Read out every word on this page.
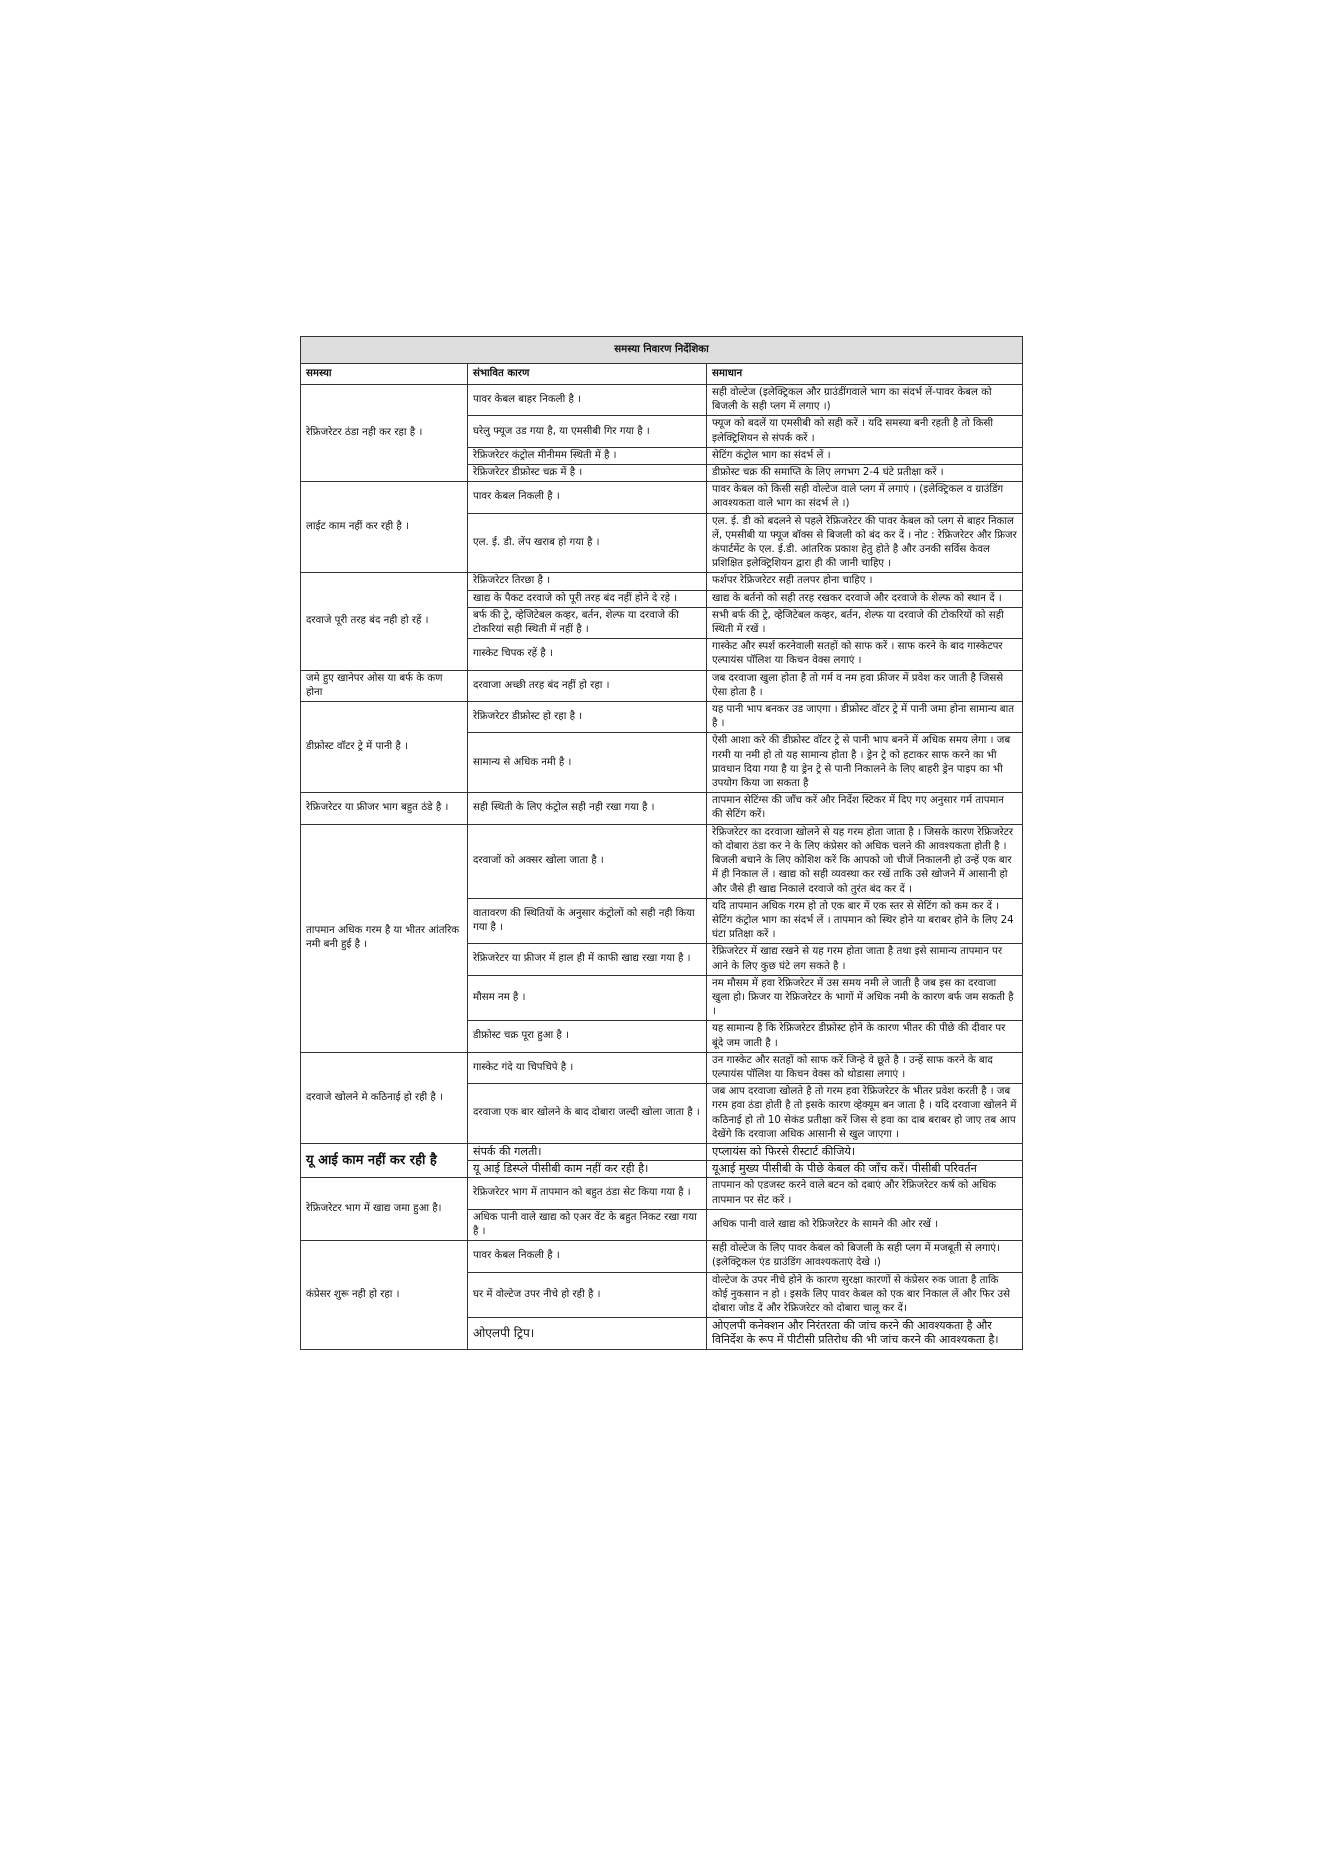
समस्या निवारण निर्देशिका		
समस्या	संभावित कारण	समाधान
रेफ्रिजरेटर ठंडा नही कर रहा है ।	पावर केबल बाहर निकली है ।	सही वोल्टेज (इलेक्ट्रिकल और ग्राउंडींगवाले भाग का संदर्भ लें-पावर केबल को बिजली के सही प्लग में लगाए ।)
	घरेलु फ्यूज उड गया है, या एमसीबी गिर गया है ।	फ्यूज को बदलें या एमसीबी को सही करें । यदि समस्या बनी रहती है तो किसी इलेक्ट्रिशियन से संपर्क करें ।
	रेफ्रिजरेटर कंट्रोल मीनीमम स्थिती में है ।	सेटिंग कंट्रोल भाग का संदर्भ लें ।
	रेफ्रिजरेटर डीफ्रोस्ट चक्र में है ।	डीफ्रोस्ट चक्र की समाप्ति के लिए लगभग 2-4 घंटे प्रतीक्षा करें ।
लाईट काम नहीं कर रही है ।	पावर केबल निकली है ।	पावर केबल को किसी सही वोल्टेज वाले प्लग में लगाएं । (इलेक्ट्रिकल व ग्राउंडिंग आवश्यकता वाले भाग का संदर्भ ले ।)
	एल. ई. डी. लेंप खराब हो गया है ।	एल. ई. डी को बदलने से पहले रेफ्रिजरेटर की पावर केबल को प्लग से बाहर निकाल लें, एमसीबी या फ्यूज बॉक्स से बिजली को बंद कर दें । नोट : रेफ्रिजरेटर और फ्रिजर कंपार्टमेंट के एल. ई.डी. आंतरिक प्रकाश हेतु होते है और उनकी सर्विस केवल प्रशिक्षित इलेक्ट्रिशियन द्वारा ही की जानी चाहिए ।
दरवाजे पूरी तरह बंद नही हो रहें ।	रेफ्रिजरेटर तिरछा है ।	फर्शपर रेफ्रिजरेटर सही तलपर होना चाहिए ।
	खाद्य के पैकट दरवाजे को पूरी तरह बंद नहीं होने दे रहे ।	खाद्य के बर्तनो को सही तरह रखकर दरवाजे और दरवाजे के शेल्फ को स्थान दें ।
	बर्फ की ट्रे, व्हेजिटेबल कव्हर, बर्तन, शेल्फ या दरवाजे की टोकरियां सही स्थिती में नहीं है ।	सभी बर्फ की ट्रे, व्हेजिटेबल कव्हर, बर्तन, शेल्फ या दरवाजे की टोकरियों को सही स्थिती में रखें ।
	गास्केट चिपक रहें है ।	गास्केट और स्पर्श करनेवाली सतहों को साफ करें । साफ करने के बाद गास्केटपर एल्पायंस पॉलिश या किचन वेक्स लगाएं ।
जमे हुए खानेपर ओस या बर्फ के कण होना	दरवाजा अच्छी तरह बंद नहीं हो रहा ।	जब दरवाजा खुला होता है तो गर्म व नम हवा फ्रीजर में प्रवेश कर जाती है जिससे ऐसा होता है ।
डीफ्रोस्ट वॉटर ट्रे में पानी है ।	रेफ्रिजरेटर डीफ्रोस्ट हो रहा है ।	यह पानी भाप बनकर उड जाएगा । डीफ्रोस्ट वॉटर ट्रे में पानी जमा होना सामान्य बात है ।
	सामान्य से अधिक नमी है ।	ऐसी आशा करे की डीफ्रोस्ट वॉटर ट्रे से पानी भाप बनने में अधिक समय लेगा । जब गरमी या नमी हो तो यह सामान्य होता है । ड्रेन ट्रे को हटाकर साफ करने का भी प्रावधान दिया गया है या ड्रेन ट्रे से पानी निकालने के लिए बाहरी ड्रेन पाइप का भी उपयोग किया जा सकता है
रेफ्रिजरेटर या फ्रीजर भाग बहुत ठंडे है ।	सही स्थिती के लिए कंट्रोल सही नही रखा गया है ।	तापमान सेटिंग्स की जाँच करें और निर्देश स्टिकर में दिए गए अनुसार गर्म तापमान की सेटिंग करें।
तापमान अधिक गरम है या भीतर आंतरिक नमी बनी हुई है ।	दरवाजों को अक्सर खोला जाता है ।	रेफ्रिजरेटर का दरवाजा खोलने से यह गरम होता जाता है । जिसके कारण रेफ्रिजरेटर को दोबारा ठंडा कर ने के लिए कंप्रेसर को अधिक चलने की आवश्यकता होती है । बिजली बचाने के लिए कोशिश करें कि आपको जो चीजें निकालनी हो उन्हें एक बार में ही निकाल लें । खाद्य को सही व्यवस्था कर रखें ताकि उसे खोजने में आसानी हो और जैसे ही खाद्य निकाले दरवाजे को तुरंत बंद कर दें ।
	वातावरण की स्थितियों के अनुसार कंट्रोलों को सही नही किया गया है ।	यदि तापमान अधिक गरम हो तो एक बार में एक स्तर से सेटिंग को कम कर दें । सेटिंग कंट्रोल भाग का संदर्भ लें । तापमान को स्थिर होने या बराबर होने के लिए 24 घंटा प्रतिक्षा करें ।
	रेफ्रिजरेटर या फ्रीजर में हाल ही में काफी खाद्य रखा गया है ।	रेफ्रिजरेटर में खाद्य रखने से यह गरम होता जाता है तथा इसे सामान्य तापमान पर आने के लिए कुछ घंटे लग सकते है ।
	मौसम नम है ।	नम मौसम में हवा रेफ्रिजरेटर में उस समय नमी ले जाती है जब इस का दरवाजा खुला हो। फ्रिजर या रेफ्रिजरेटर के भागों में अधिक नमी के कारण बर्फ जम सकती है ।
	डीफ्रोस्ट चक्र पूरा हुआ है ।	यह सामान्य है कि रेफ्रिजरेटर डीफ्रोस्ट होने के कारण भीतर की पीछे की दीवार पर बूंदे जम जाती है ।
दरवाजे खोलने मे कठिनाई हो रही है ।	गास्केट गंदे या चिपचिपे है ।	उन गास्केट और सतहों को साफ करें जिन्हे वे छूते है । उन्हें साफ करने के बाद एल्पायंस पॉलिश या किचन वेक्स को थोडासा लगाएं ।
	दरवाजा एक बार खोलने के बाद दोबारा जल्दी खोला जाता है ।	जब आप दरवाजा खोलते है तो गरम हवा रेफ्रिजरेटर के भीतर प्रवेश करती है । जब गरम हवा ठंडा होती है तो इसके कारण व्हेक्यूम बन जाता है । यदि दरवाजा खोलने में कठिनाई हो तो 10 सेकंड प्रतीक्षा करें जिस से हवा का दाब बराबर हो जाए तब आप देखेंगे कि दरवाजा अधिक आसानी से खुल जाएगा ।
यू आई काम नहीं कर रही है	संपर्क की गलती।	एप्लायंस को फिरसे रीस्टार्ट कीजिये।
	यू आई डिस्प्ले पीसीबी काम नहीं कर रही है।	यूआई मुख्य पीसीबी के पीछे केबल की जाँच करें। पीसीबी परिवर्तन
रेफ्रिजरेटर भाग में खाद्य जमा हुआ है।	रेफ्रिजरेटर भाग में तापमान को बहुत ठंडा सेट किया गया है ।	तापमान को एडजस्ट करने वाले बटन को दबाएं और रेफ्रिजरेटर कर्ष को अधिक तापमान पर सेट करें ।
	अधिक पानी वाले खाद्य को एअर वेंट के बहुत निकट रखा गया है ।	अधिक पानी वाले खाद्य को रेफ्रिजरेटर के सामने की ओर रखें ।
कंप्रेसर शुरू नही हो रहा ।	पावर केबल निकली है ।	सही वोल्टेज के लिए पावर केबल को बिजली के सही प्लग में मजबूती से लगाएं। (इलेक्ट्रिकल एंड ग्राउंडिंग आवश्यकताएं देखे ।)
	घर में वोल्टेज उपर नीचे हो रही है ।	वोल्टेज के उपर नीचे होने के कारण सुरक्षा कारणों से कंप्रेसर रुक जाता है ताकि कोई नुकसान न हो । इसके लिए पावर केबल को एक बार निकाल लें और फिर उसे दोबारा जोड दें और रेफ्रिजरेटर को दोबारा चालू कर दें।
	ओएलपी ट्रिप।	ओएलपी कनेक्शन और निरंतरता की जांच करने की आवश्यकता है और विनिर्देश के रूप में पीटीसी प्रतिरोध की भी जांच करने की आवश्यकता है।
